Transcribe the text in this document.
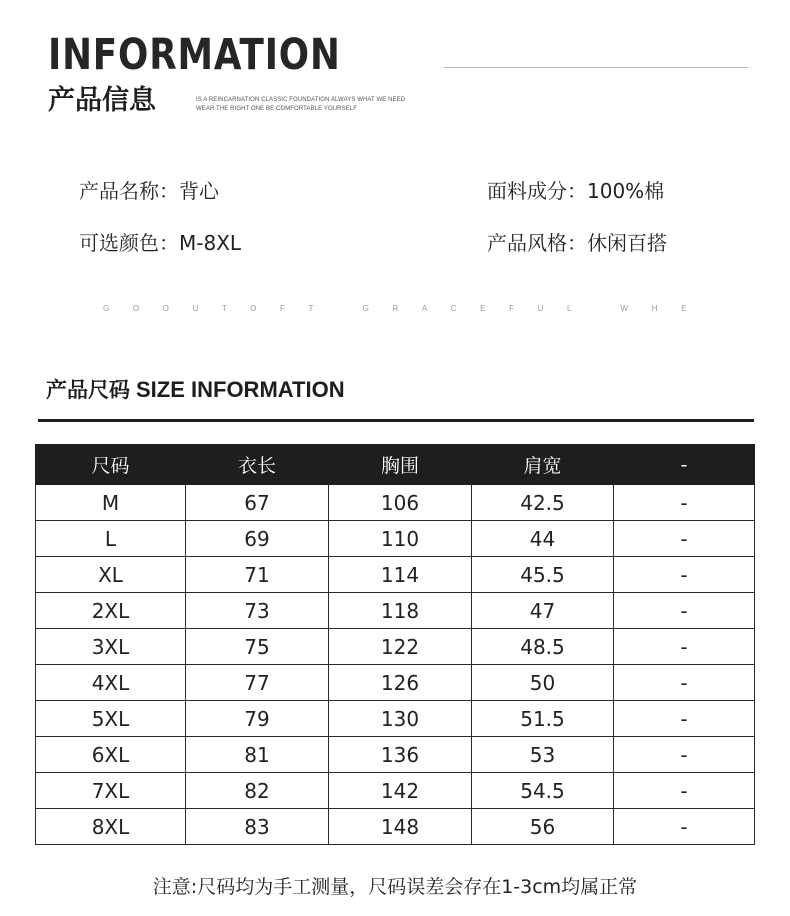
INFORMATION
产品信息	IS A REINCARNATION CLASSIC FOUNDATION ALWAYS WHAT WE NEED
WEAR THE RIGHT ONE BE COMFORTABLE YOURSELF
产品名称：背心	面料成分：100%棉
可选颜色：M-8XL	产品风格：休闲百搭
GOOUTOFT GRACEFUL WHE
产品尺码 SIZE INFORMATION
尺码	衣长	胸围	肩宽	-
M	67	106	42.5	-
L	69	110	44	-
XL	71	114	45.5	-
2XL	73	118	47	-
3XL	75	122	48.5	-
4XL	77	126	50	-
5XL	79	130	51.5	-
6XL	81	136	53	-
7XL	82	142	54.5	-
8XL	83	148	56	-
注意:尺码均为手工测量，尺码误差会存在1-3cm均属正常
